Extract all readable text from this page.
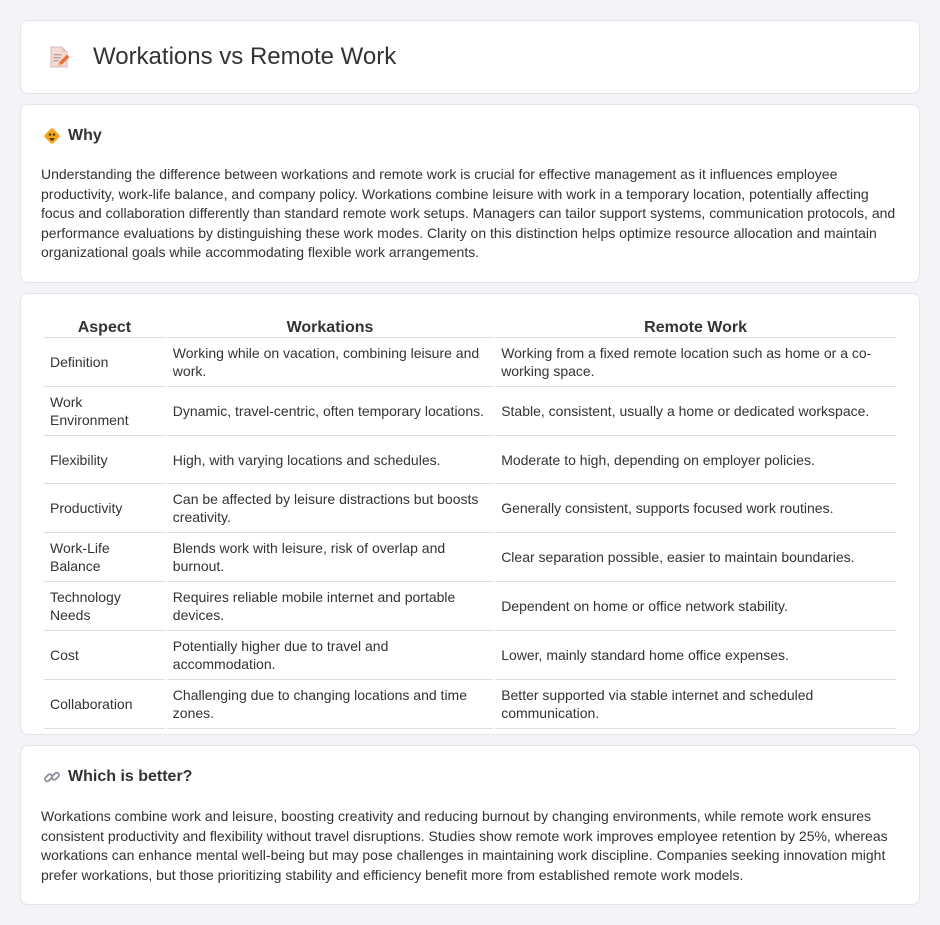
Workations vs Remote Work
Why

Understanding the difference between workations and remote work is crucial for effective management as it influences employee productivity, work-life balance, and company policy. Workations combine leisure with work in a temporary location, potentially affecting focus and collaboration differently than standard remote work setups. Managers can tailor support systems, communication protocols, and performance evaluations by distinguishing these work modes. Clarity on this distinction helps optimize resource allocation and maintain organizational goals while accommodating flexible work arrangements.

Aspect	Workations	Remote Work
Definition	Working while on vacation, combining leisure and work.	Working from a fixed remote location such as home or a co-working space.
Work Environment	Dynamic, travel-centric, often temporary locations.	Stable, consistent, usually a home or dedicated workspace.
Flexibility	High, with varying locations and schedules.	Moderate to high, depending on employer policies.
Productivity	Can be affected by leisure distractions but boosts creativity.	Generally consistent, supports focused work routines.
Work-Life Balance	Blends work with leisure, risk of overlap and burnout.	Clear separation possible, easier to maintain boundaries.
Technology Needs	Requires reliable mobile internet and portable devices.	Dependent on home or office network stability.
Cost	Potentially higher due to travel and accommodation.	Lower, mainly standard home office expenses.
Collaboration	Challenging due to changing locations and time zones.	Better supported via stable internet and scheduled communication.
Which is better?

Workations combine work and leisure, boosting creativity and reducing burnout by changing environments, while remote work ensures consistent productivity and flexibility without travel disruptions. Studies show remote work improves employee retention by 25%, whereas workations can enhance mental well-being but may pose challenges in maintaining work discipline. Companies seeking innovation might prefer workations, but those prioritizing stability and efficiency benefit more from established remote work models.
